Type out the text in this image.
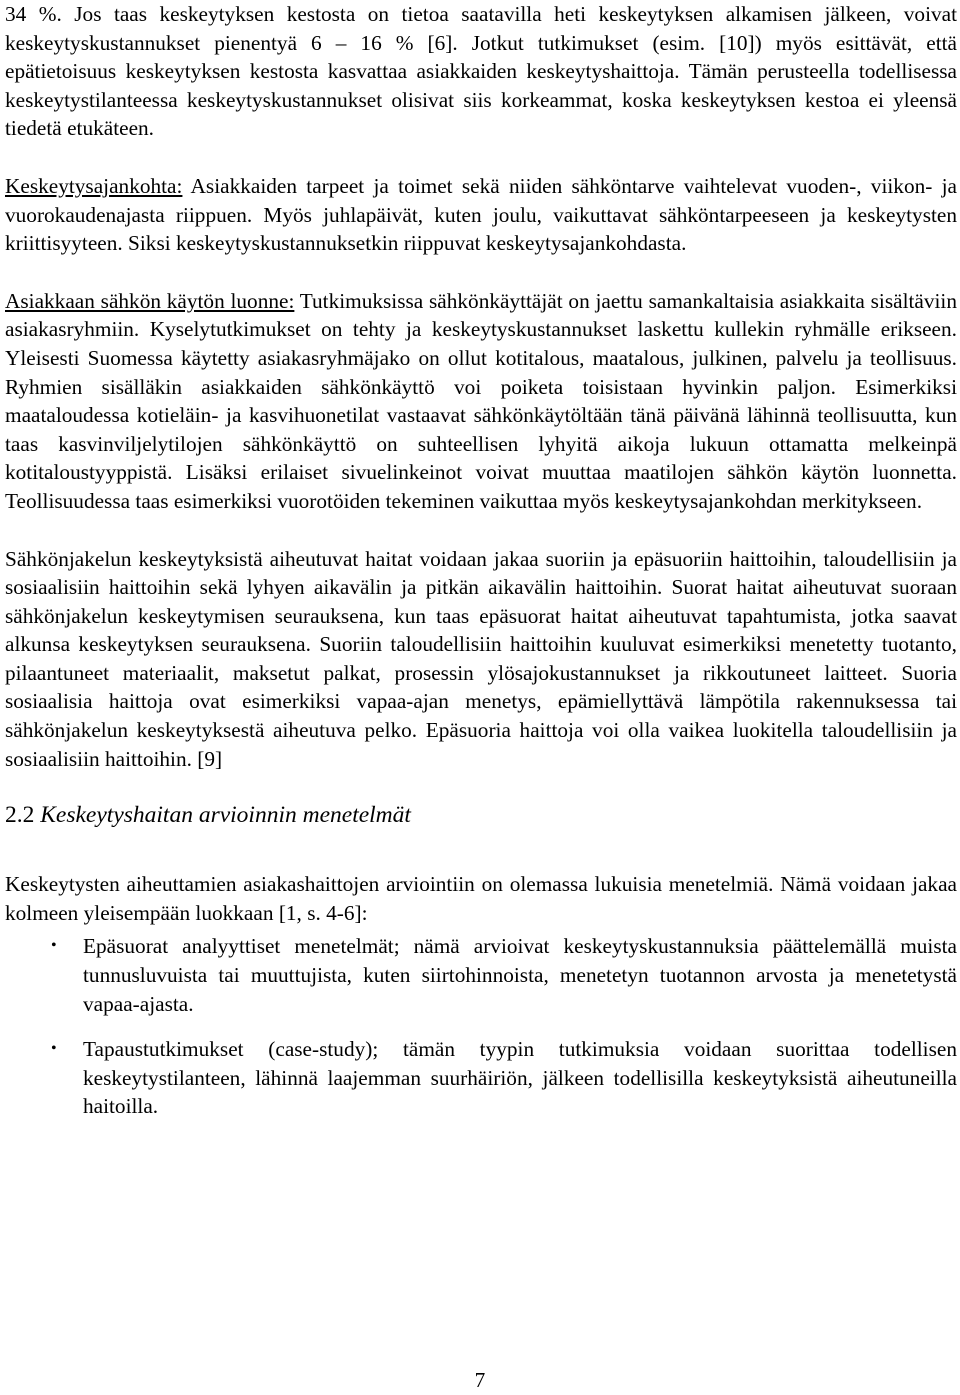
34 %. Jos taas keskeytyksen kestosta on tietoa saatavilla heti keskeytyksen alkamisen jälkeen, voivat keskeytyskustannukset pienentyä 6 – 16 % [6]. Jotkut tutkimukset (esim. [10]) myös esittävät, että epätietoisuus keskeytyksen kestosta kasvattaa asiakkaiden keskeytyshaittoja. Tämän perusteella todellisessa keskeytystilanteessa keskeytyskustannukset olisivat siis korkeammat, koska keskeytyksen kestoa ei yleensä tiedetä etukäteen.

Keskeytysajankohta: Asiakkaiden tarpeet ja toimet sekä niiden sähköntarve vaihtelevat vuoden-, viikon- ja vuorokaudenajasta riippuen. Myös juhlapäivät, kuten joulu, vaikuttavat sähköntarpeeseen ja keskeytysten kriittisyyteen. Siksi keskeytyskustannuksetkin riippuvat keskeytysajankohdasta.

Asiakkaan sähkön käytön luonne: Tutkimuksissa sähkönkäyttäjät on jaettu samankaltaisia asiakkaita sisältäviin asiakasryhmiin. Kyselytutkimukset on tehty ja keskeytyskustannukset laskettu kullekin ryhmälle erikseen. Yleisesti Suomessa käytetty asiakasryhmäjako on ollut kotitalous, maatalous, julkinen, palvelu ja teollisuus. Ryhmien sisälläkin asiakkaiden sähkönkäyttö voi poiketa toisistaan hyvinkin paljon. Esimerkiksi maataloudessa kotieläin- ja kasvihuonetilat vastaavat sähkönkäytöltään tänä päivänä lähinnä teollisuutta, kun taas kasvinviljelytilojen sähkönkäyttö on suhteellisen lyhyitä aikoja lukuun ottamatta melkeinpä kotitaloustyyppistä. Lisäksi erilaiset sivuelinkeinot voivat muuttaa maatilojen sähkön käytön luonnetta. Teollisuudessa taas esimerkiksi vuorotöiden tekeminen vaikuttaa myös keskeytysajankohdan merkitykseen.

Sähkönjakelun keskeytyksistä aiheutuvat haitat voidaan jakaa suoriin ja epäsuoriin haittoihin, taloudellisiin ja sosiaalisiin haittoihin sekä lyhyen aikavälin ja pitkän aikavälin haittoihin. Suorat haitat aiheutuvat suoraan sähkönjakelun keskeytymisen seurauksena, kun taas epäsuorat haitat aiheutuvat tapahtumista, jotka saavat alkunsa keskeytyksen seurauksena. Suoriin taloudellisiin haittoihin kuuluvat esimerkiksi menetetty tuotanto, pilaantuneet materiaalit, maksetut palkat, prosessin ylösajokustannukset ja rikkoutuneet laitteet. Suoria sosiaalisia haittoja ovat esimerkiksi vapaa-ajan menetys, epämiellyttävä lämpötila rakennuksessa tai sähkönjakelun keskeytyksestä aiheutuva pelko. Epäsuoria haittoja voi olla vaikea luokitella taloudellisiin ja sosiaalisiin haittoihin. [9]

2.2 Keskeytyshaitan arvioinnin menetelmät

Keskeytysten aiheuttamien asiakashaittojen arviointiin on olemassa lukuisia menetelmiä. Nämä voidaan jakaa kolmeen yleisempään luokkaan [1, s. 4-6]:

• Epäsuorat analyyttiset menetelmät; nämä arvioivat keskeytyskustannuksia päättelemällä muista tunnusluvuista tai muuttujista, kuten siirtohinnoista, menetetyn tuotannon arvosta ja menetetystä vapaa-ajasta.
• Tapaustutkimukset (case-study); tämän tyypin tutkimuksia voidaan suorittaa todellisen keskeytystilanteen, lähinnä laajemman suurhäiriön, jälkeen todellisilla keskeytyksistä aiheutuneilla haitoilla.
7
